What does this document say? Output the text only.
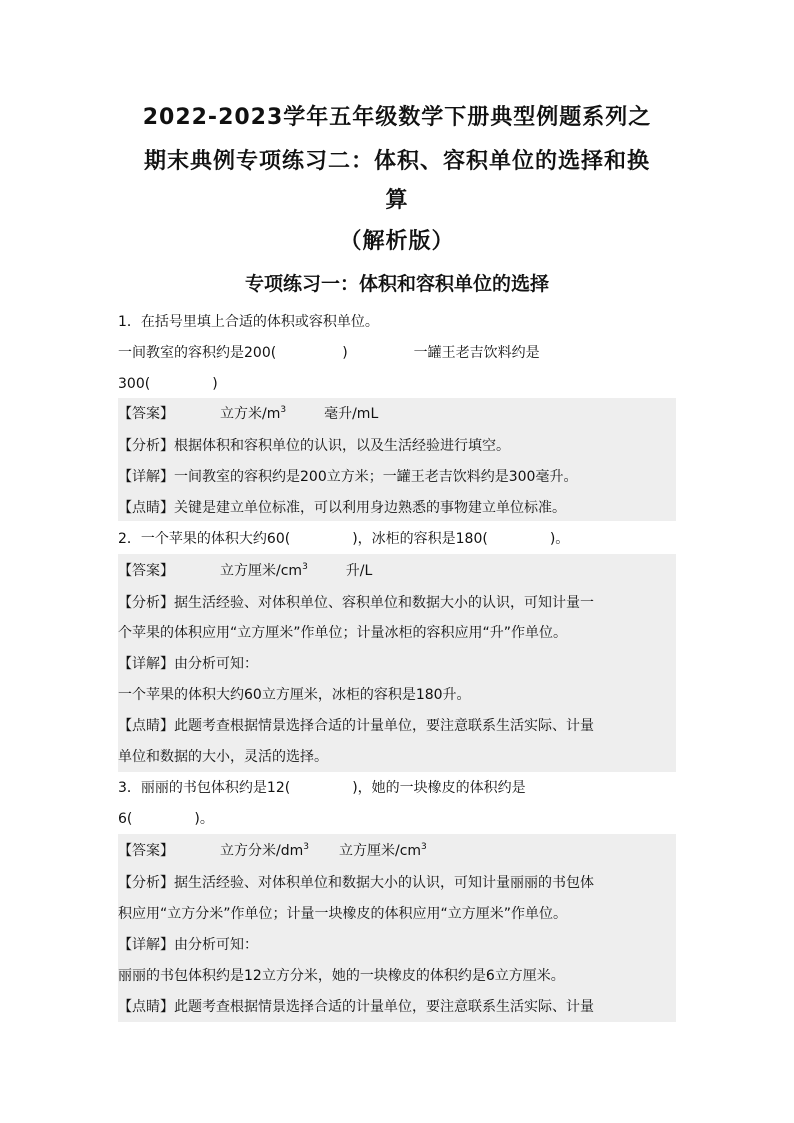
2022-2023学年五年级数学下册典型例题系列之
期末典例专项练习二：体积、容积单位的选择和换
算
（解析版）
专项练习一：体积和容积单位的选择
1．在括号里填上合适的体积或容积单位。
一间教室的容积约是200(	)	一罐王老吉饮料约是
300(	)
【答案】	立方米$/m^3$	毫升/mL
【分析】根据体积和容积单位的认识，以及生活经验进行填空。
【详解】一间教室的容积约是200立方米；一罐王老吉饮料约是300毫升。
【点睛】关键是建立单位标准，可以利用身边熟悉的事物建立单位标准。
2．一个苹果的体积大约60(	)，冰柜的容积是180(	)。
【答案】	立方厘米$/cm^3$	升/L
【分析】据生活经验、对体积单位、容积单位和数据大小的认识，可知计量一
个苹果的体积应用“立方厘米”作单位；计量冰柜的容积应用“升”作单位。
【详解】由分析可知：
一个苹果的体积大约60立方厘米，冰柜的容积是180升。
【点睛】此题考查根据情景选择合适的计量单位，要注意联系生活实际、计量
单位和数据的大小，灵活的选择。
3．丽丽的书包体积约是12(	)，她的一块橡皮的体积约是
6(	)。
【答案】	立方分米$/dm^3$ 立方厘米$/cm^3$
【分析】据生活经验、对体积单位和数据大小的认识，可知计量丽丽的书包体
积应用“立方分米”作单位；计量一块橡皮的体积应用“立方厘米”作单位。
【详解】由分析可知：
丽丽的书包体积约是12立方分米，她的一块橡皮的体积约是6立方厘米。
【点睛】此题考查根据情景选择合适的计量单位，要注意联系生活实际、计量
